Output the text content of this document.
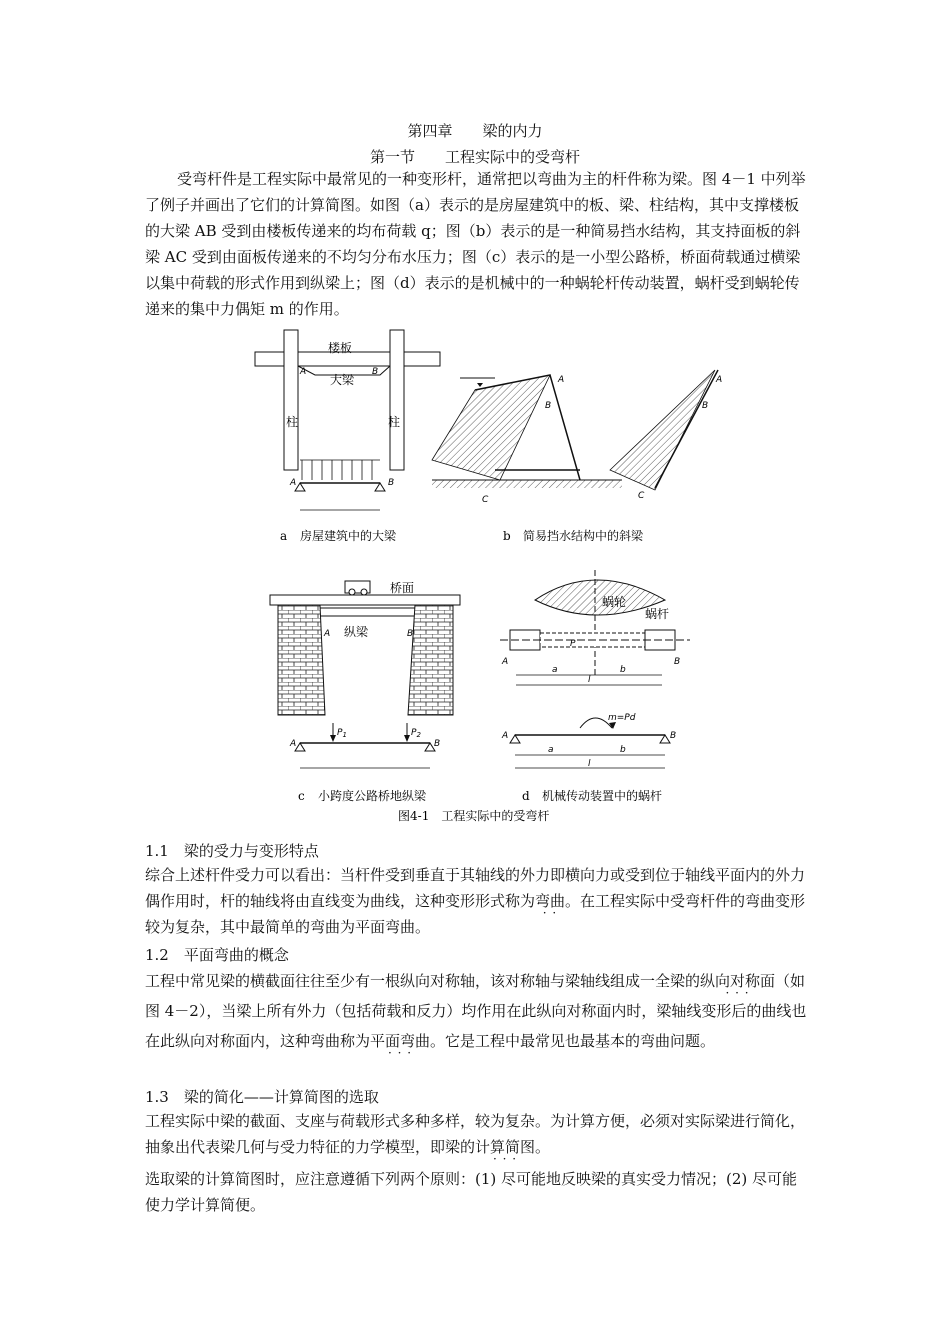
第四章　　梁的内力
第一节　　工程实际中的受弯杆

受弯杆件是工程实际中最常见的一种变形杆，通常把以弯曲为主的杆件称为梁。图 4－1 中列举了例子并画出了它们的计算简图。如图（a）表示的是房屋建筑中的板、梁、柱结构，其中支撑楼板的大梁 AB 受到由楼板传递来的均布荷载 q；图（b）表示的是一种简易挡水结构，其支持面板的斜梁 AC 受到由面板传递来的不均匀分布水压力；图（c）表示的是一小型公路桥，桥面荷载通过横梁以集中荷载的形式作用到纵梁上；图（d）表示的是机械中的一种蜗轮杆传动装置，蜗杆受到蜗轮传递来的集中力偶矩 m 的作用。

楼板
大梁
柱	柱
A	B
A	B
a 房屋建筑中的大梁
A
B
C
A
B
C
b 简易挡水结构中的斜梁
桥面
纵梁
A	B
$P_1$	$P_2$
A	B
c 小跨度公路桥地纵梁
蜗轮
蜗杆
P
A	B
a	b
l
m=Pd
A	B
a	b
l
d 机械传动装置中的蜗杆
图4-1　工程实际中的受弯杆
1.1　梁的受力与变形特点

综合上述杆件受力可以看出：当杆件受到垂直于其轴线的外力即横向力或受到位于轴线平面内的外力偶作用时，杆的轴线将由直线变为曲线，这种变形形式称为弯曲 · ·。在工程实际中受弯杆件的弯曲变形较为复杂，其中最简单的弯曲为平面弯曲。

1.2　平面弯曲的概念

工程中常见梁的横截面往往至少有一根纵向对称轴，该对称轴与梁轴线组成一全梁的纵向对称面 · · ·（如图 4－2），当梁上所有外力（包括荷载和反力）均作用在此纵向对称面内时，梁轴线变形后的曲线也在此纵向对称面内，这种弯曲称为平面弯曲 · · ·。它是工程中最常见也最基本的弯曲问题。

1.3　梁的简化——计算简图的选取

工程实际中梁的截面、支座与荷载形式多种多样，较为复杂。为计算方便，必须对实际梁进行简化，抽象出代表梁几何与受力特征的力学模型，即梁的计算简图 · · ·。

选取梁的计算简图时，应注意遵循下列两个原则：(1) 尽可能地反映梁的真实受力情况；(2) 尽可能使力学计算简便。
